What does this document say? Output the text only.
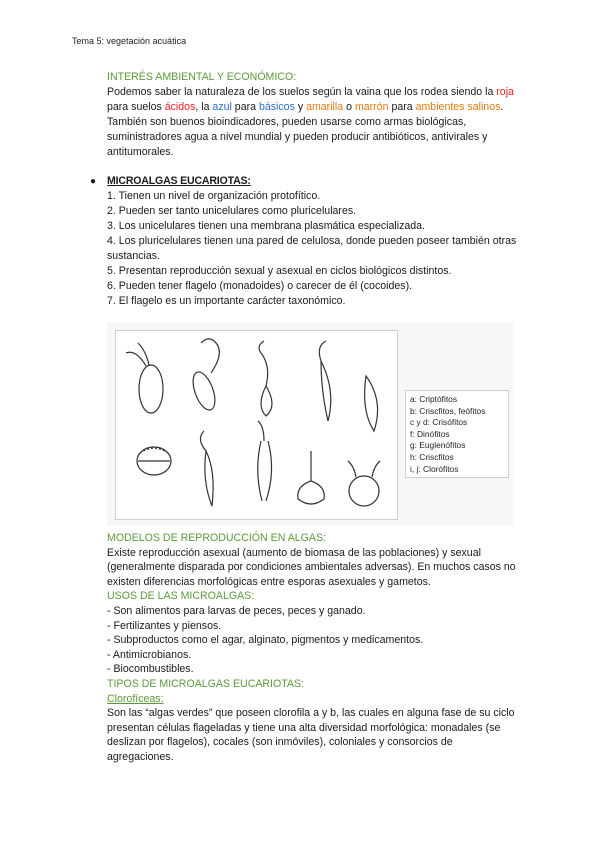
Tema 5: vegetación acuática

INTERÉS AMBIENTAL Y ECONÓMICO:

Podemos saber la naturaleza de los suelos según la vaina que los rodea siendo la roja para suelos ácidos, la azul para básicos y amarilla o marrón para ambientes salinos.

También son buenos bioindicadores, pueden usarse como armas biológicas, suministradores agua a nivel mundial y pueden producir antibióticos, antivirales y antitumorales.

● MICROALGAS EUCARIOTAS:

1. Tienen un nivel de organización protofítico.

2. Pueden ser tanto unicelulares como pluricelulares.

3. Los unicelulares tienen una membrana plasmática especializada.

4. Los pluricelulares tienen una pared de celulosa, donde pueden poseer también otras sustancias.

5. Presentan reproducción sexual y asexual en ciclos biológicos distintos.

6. Pueden tener flagelo (monadoides) o carecer de él (cocoides).

7. El flagelo es un importante carácter taxonómico.

a: Criptófitos
b: Criscfitos, feófitos
c y d: Crisófitos
f: Dinófitos
g: Euglenófitos
h: Criscfitos
i, j: Clorófitos

MODELOS DE REPRODUCCIÓN EN ALGAS:

Existe reproducción asexual (aumento de biomasa de las poblaciones) y sexual (generalmente disparada por condiciones ambientales adversas). En muchos casos no existen diferencias morfológicas entre esporas asexuales y gametos.

USOS DE LAS MICROALGAS:

- Son alimentos para larvas de peces, peces y ganado.

- Fertilizantes y piensos.

- Subproductos como el agar, alginato, pigmentos y medicamentos.

- Antimicrobianos.

- Biocombustibles.

TIPOS DE MICROALGAS EUCARIOTAS:

Clorofíceas:

Son las “algas verdes” que poseen clorofila a y b, las cuales en alguna fase de su ciclo presentan células flageladas y tiene una alta diversidad morfológica: monadales (se deslizan por flagelos), cocales (son inmóviles), coloniales y consorcios de agregaciones.
